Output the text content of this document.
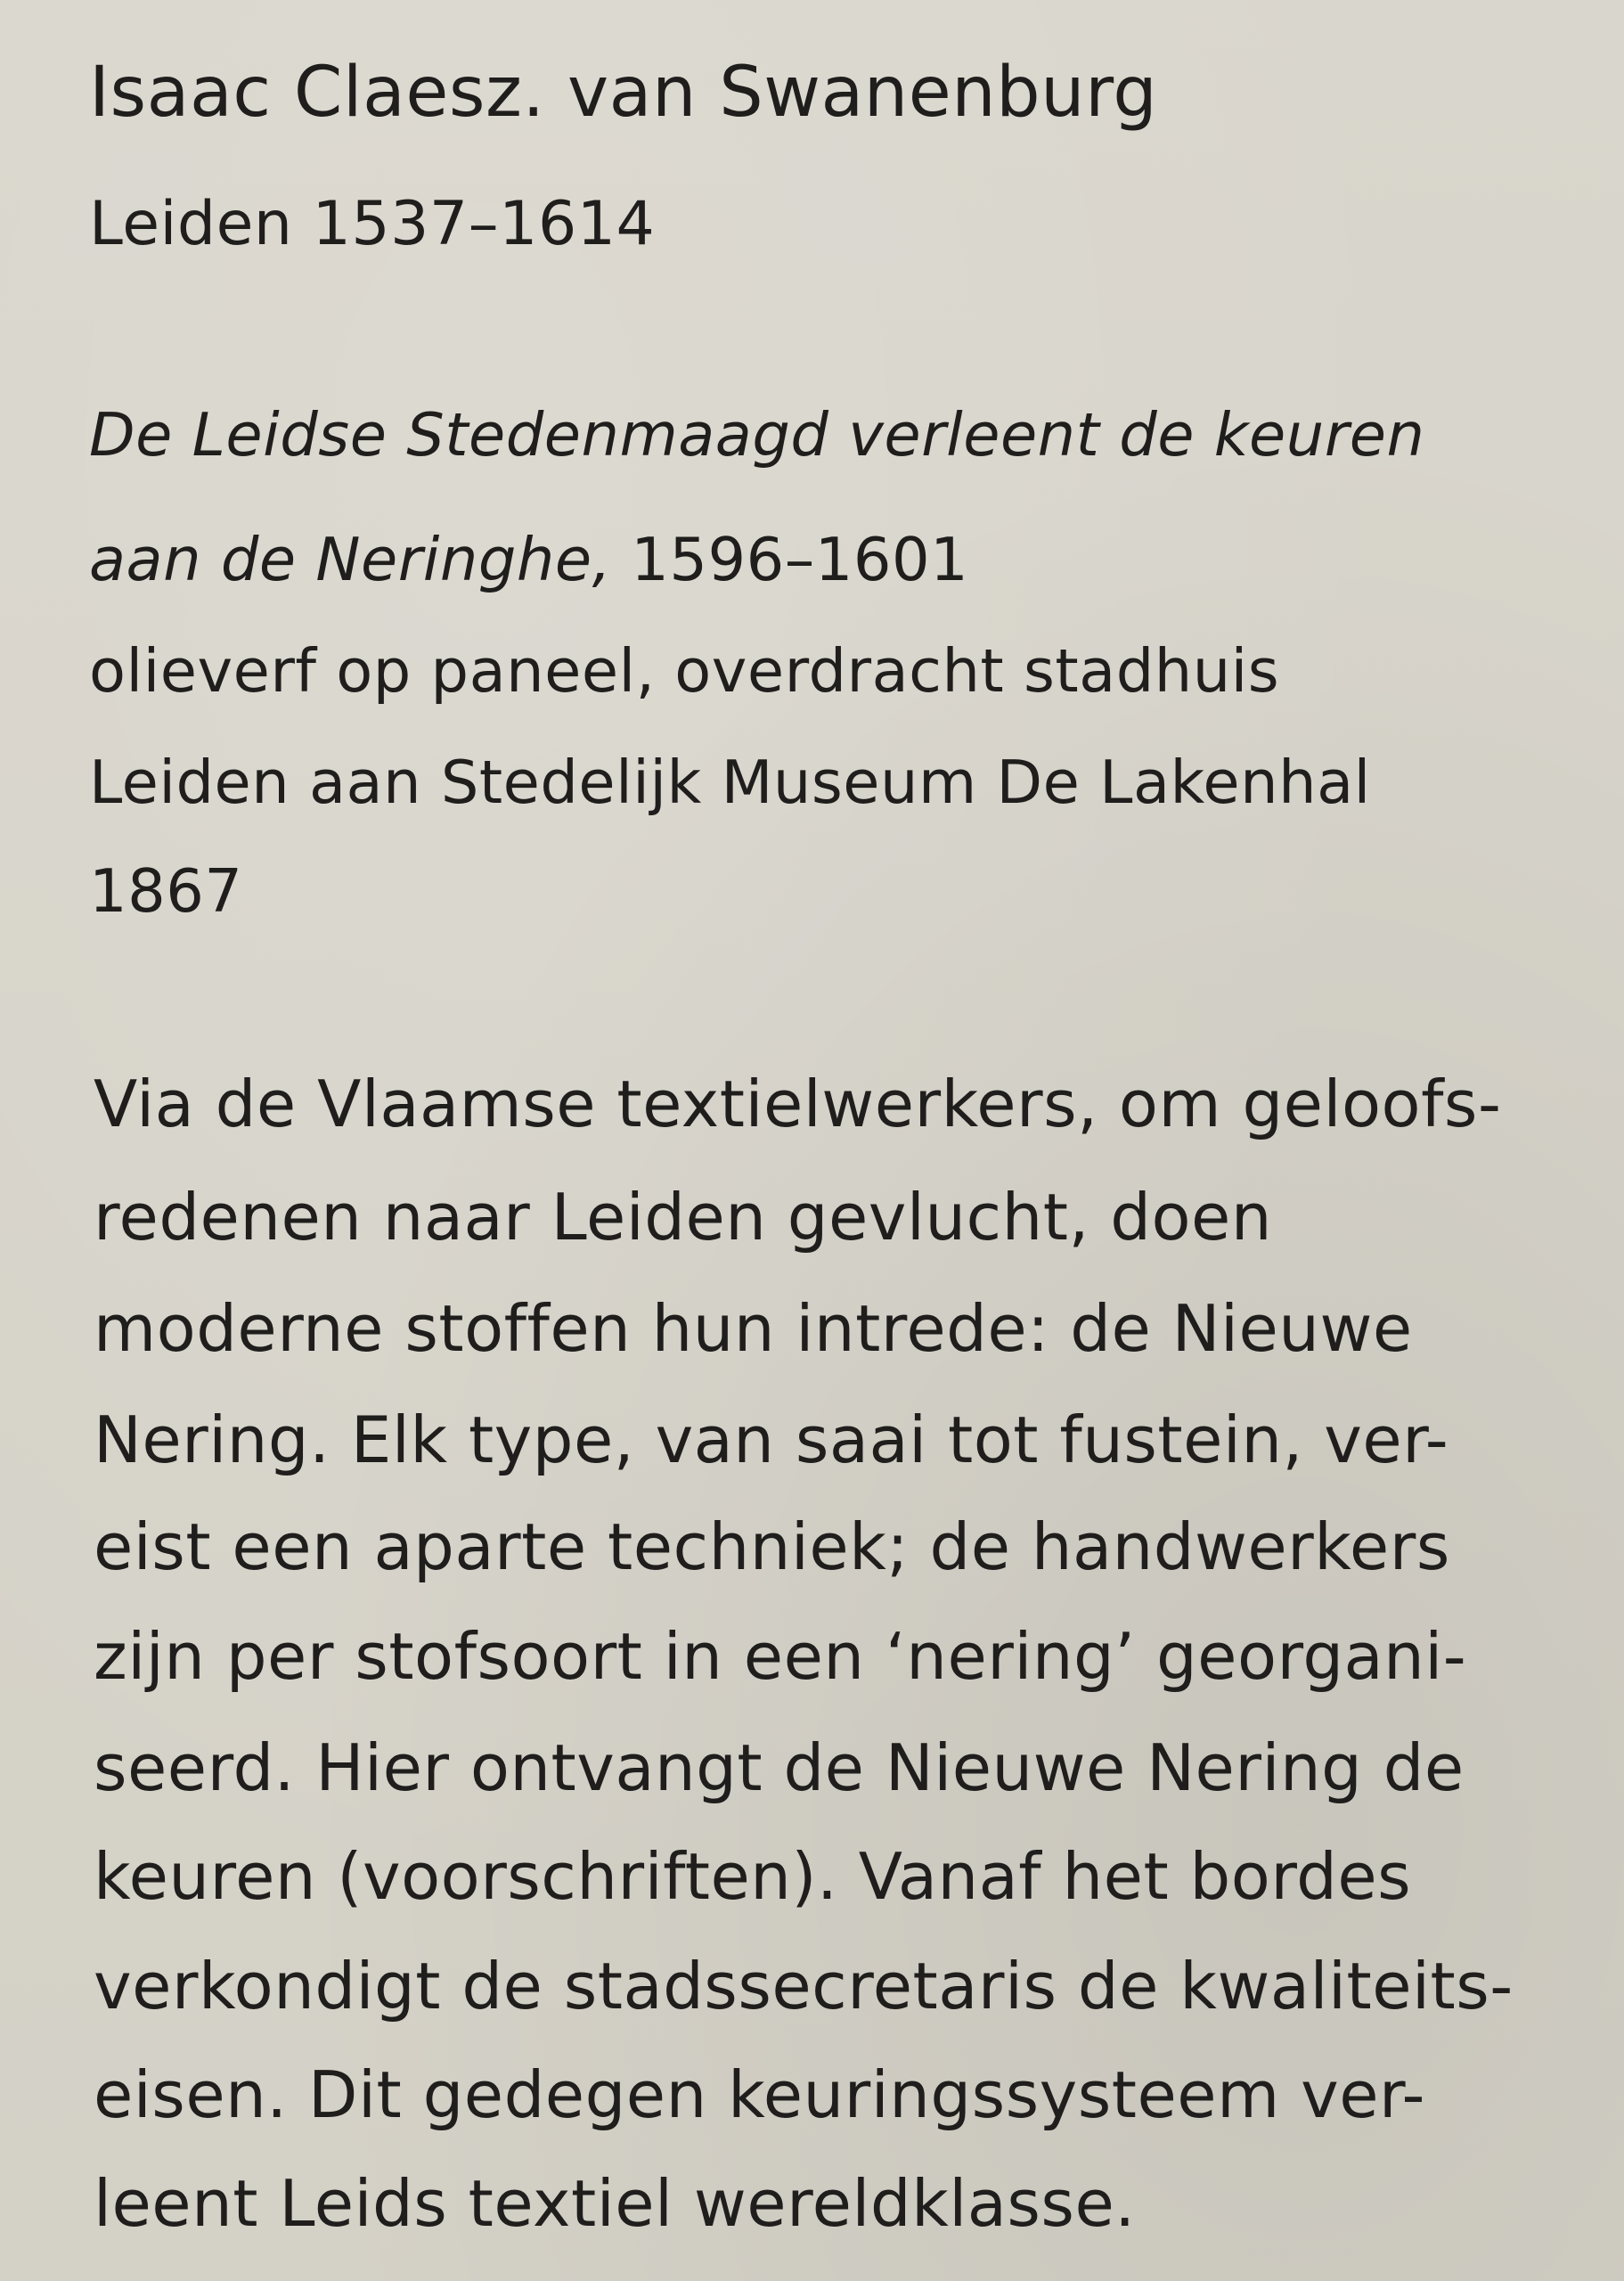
Isaac Claesz. van Swanenburg
Leiden 1537–1614
De Leidse Stedenmaagd verleent de keuren
aan de Neringhe, 1596–1601
olieverf op paneel, overdracht stadhuis
Leiden aan Stedelijk Museum De Lakenhal
1867
Via de Vlaamse textielwerkers, om geloofs-
redenen naar Leiden gevlucht, doen
moderne stoffen hun intrede: de Nieuwe
Nering. Elk type, van saai tot fustein, ver-
eist een aparte techniek; de handwerkers
zijn per stofsoort in een ‘nering’ georgani-
seerd. Hier ontvangt de Nieuwe Nering de
keuren (voorschriften). Vanaf het bordes
verkondigt de stadssecretaris de kwaliteits-
eisen. Dit gedegen keuringssysteem ver-
leent Leids textiel wereldklasse.
